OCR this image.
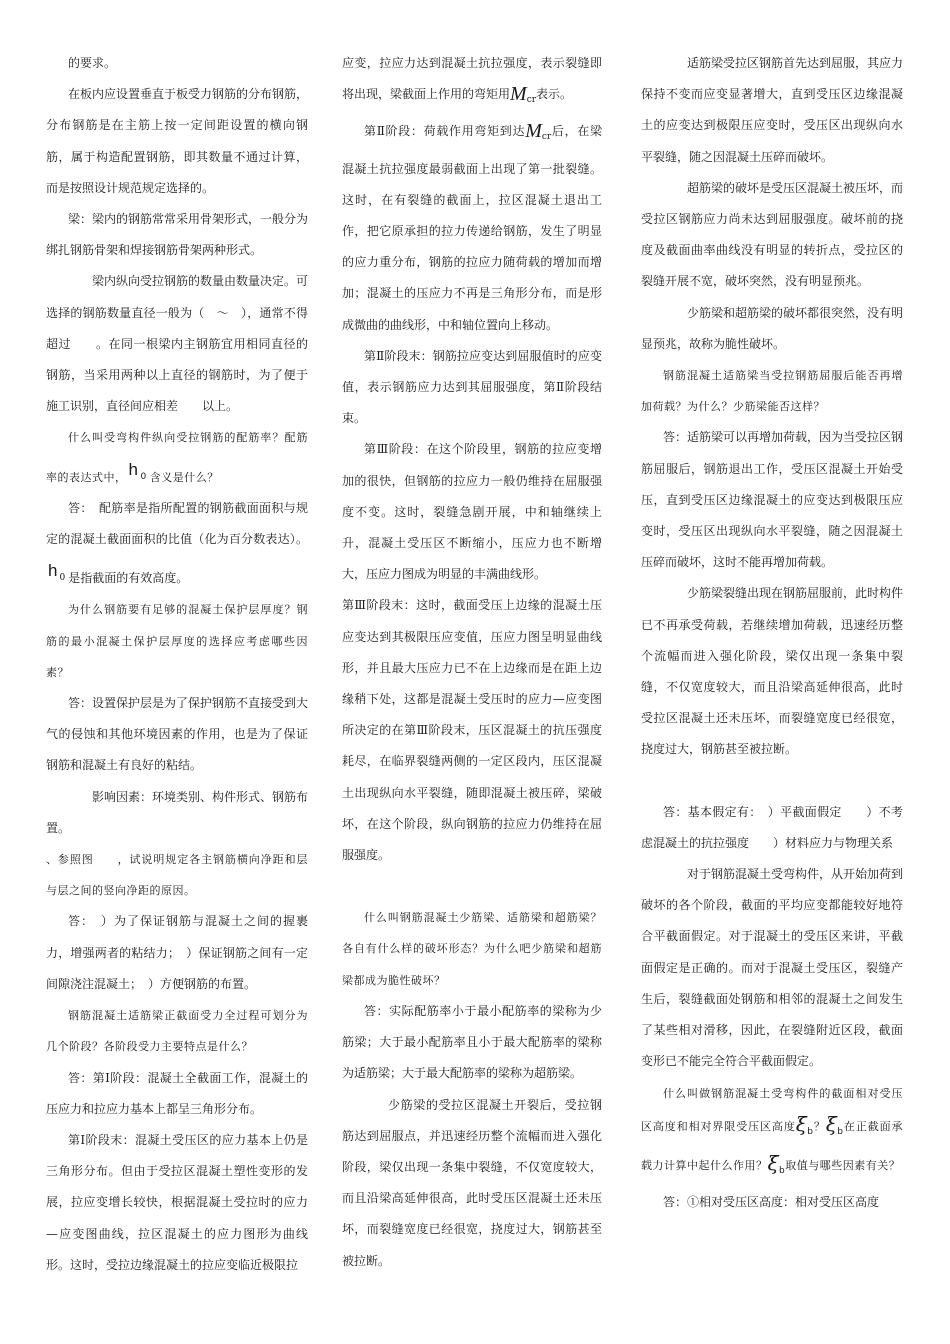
的要求。

在板内应设置垂直于板受力钢筋的分布钢筋，分布钢筋是在主筋上按一定间距设置的横向钢筋，属于构造配置钢筋，即其数量不通过计算，而是按照设计规范规定选择的。

梁：梁内的钢筋常常采用骨架形式，一般分为绑扎钢筋骨架和焊接钢筋骨架两种形式。

梁内纵向受拉钢筋的数量由数量决定。可选择的钢筋数量直径一般为（　～　），通常不得超过　　。在同一根梁内主钢筋宜用相同直径的钢筋，当采用两种以上直径的钢筋时，为了便于施工识别，直径间应相差　　以上。

什么叫受弯构件纵向受拉钢筋的配筋率？配筋率的表达式中， h 0 含义是什么？

答：　配筋率是指所配置的钢筋截面面积与规定的混凝土截面面积的比值（化为百分数表达）。h 0 是指截面的有效高度。

为什么钢筋要有足够的混凝土保护层厚度？钢筋的最小混凝土保护层厚度的选择应考虑哪些因素？

答：设置保护层是为了保护钢筋不直接受到大气的侵蚀和其他环境因素的作用，也是为了保证钢筋和混凝土有良好的粘结。

影响因素：环境类别、构件形式、钢筋布置。

、参照图　　，试说明规定各主钢筋横向净距和层与层之间的竖向净距的原因。

答：　）为了保证钢筋与混凝土之间的握裹力，增强两者的粘结力；　）保证钢筋之间有一定间隙浇注混凝土；　）方便钢筋的布置。

钢筋混凝土适筋梁正截面受力全过程可划分为几个阶段？各阶段受力主要特点是什么？

答：第Ⅰ阶段：混凝土全截面工作，混凝土的压应力和拉应力基本上都呈三角形分布。

第Ⅰ阶段末：混凝土受压区的应力基本上仍是三角形分布。但由于受拉区混凝土塑性变形的发展，拉应变增长较快，根据混凝土受拉时的应力—应变图曲线，拉区混凝土的应力图形为曲线形。这时，受拉边缘混凝土的拉应变临近极限拉

应变，拉应力达到混凝土抗拉强度，表示裂缝即将出现，梁截面上作用的弯矩用$M_{cr}$表示。

第Ⅱ阶段：荷载作用弯矩到达$M_{cr}$后，在梁混凝土抗拉强度最弱截面上出现了第一批裂缝。这时，在有裂缝的截面上，拉区混凝土退出工作，把它原承担的拉力传递给钢筋，发生了明显的应力重分布，钢筋的拉应力随荷载的增加而增加；混凝土的压应力不再是三角形分布，而是形成微曲的曲线形，中和轴位置向上移动。

第Ⅱ阶段末：钢筋拉应变达到屈服值时的应变值，表示钢筋应力达到其屈服强度，第Ⅱ阶段结束。

第Ⅲ阶段：在这个阶段里，钢筋的拉应变增加的很快，但钢筋的拉应力一般仍维持在屈服强度不变。这时，裂缝急剧开展，中和轴继续上升，混凝土受压区不断缩小，压应力也不断增大，压应力图成为明显的丰满曲线形。

第Ⅲ阶段末：这时，截面受压上边缘的混凝土压应变达到其极限压应变值，压应力图呈明显曲线形，并且最大压应力已不在上边缘而是在距上边缘稍下处，这都是混凝土受压时的应力—应变图所决定的在第Ⅲ阶段末，压区混凝土的抗压强度耗尽，在临界裂缝两侧的一定区段内，压区混凝土出现纵向水平裂缝，随即混凝土被压碎，梁破坏，在这个阶段，纵向钢筋的拉应力仍维持在屈服强度。

什么叫钢筋混凝土少筋梁、适筋梁和超筋梁？各自有什么样的破坏形态？为什么吧少筋梁和超筋梁都成为脆性破坏？

答：实际配筋率小于最小配筋率的梁称为少筋梁；大于最小配筋率且小于最大配筋率的梁称为适筋梁；大于最大配筋率的梁称为超筋梁。

少筋梁的受拉区混凝土开裂后，受拉钢筋达到屈服点，并迅速经历整个流幅而进入强化阶段，梁仅出现一条集中裂缝，不仅宽度较大，而且沿梁高延伸很高，此时受压区混凝土还未压坏，而裂缝宽度已经很宽，挠度过大，钢筋甚至被拉断。

适筋梁受拉区钢筋首先达到屈服，其应力保持不变而应变显著增大，直到受压区边缘混凝土的应变达到极限压应变时，受压区出现纵向水平裂缝，随之因混凝土压碎而破坏。

超筋梁的破坏是受压区混凝土被压坏，而受拉区钢筋应力尚未达到屈服强度。破坏前的挠度及截面曲率曲线没有明显的转折点，受拉区的裂缝开展不宽，破坏突然，没有明显预兆。

少筋梁和超筋梁的破坏都很突然，没有明显预兆，故称为脆性破坏。

钢筋混凝土适筋梁当受拉钢筋屈服后能否再增加荷载？为什么？少筋梁能否这样？

答：适筋梁可以再增加荷载，因为当受拉区钢筋屈服后，钢筋退出工作，受压区混凝土开始受压，直到受压区边缘混凝土的应变达到极限压应变时，受压区出现纵向水平裂缝，随之因混凝土压碎而破坏，这时不能再增加荷载。

少筋梁裂缝出现在钢筋屈服前，此时构件已不再承受荷载，若继续增加荷载，迅速经历整个流幅而进入强化阶段，梁仅出现一条集中裂缝，不仅宽度较大，而且沿梁高延伸很高，此时受拉区混凝土还未压坏，而裂缝宽度已经很宽，挠度过大，钢筋甚至被拉断。

答：基本假定有：　）平截面假定　　）不考虑混凝土的抗拉强度　　）材料应力与物理关系

对于钢筋混凝土受弯构件，从开始加荷到破坏的各个阶段，截面的平均应变都能较好地符合平截面假定。对于混凝土的受压区来讲，平截面假定是正确的。而对于混凝土受压区，裂缝产生后，裂缝截面处钢筋和相邻的混凝土之间发生了某些相对滑移，因此，在裂缝附近区段，截面变形已不能完全符合平截面假定。

什么叫做钢筋混凝土受弯构件的截面相对受压区高度和相对界限受压区高度$\xi_b$？$\xi_b$在正截面承载力计算中起什么作用？$\xi_b$取值与哪些因素有关？

答：①相对受压区高度：相对受压区高度
